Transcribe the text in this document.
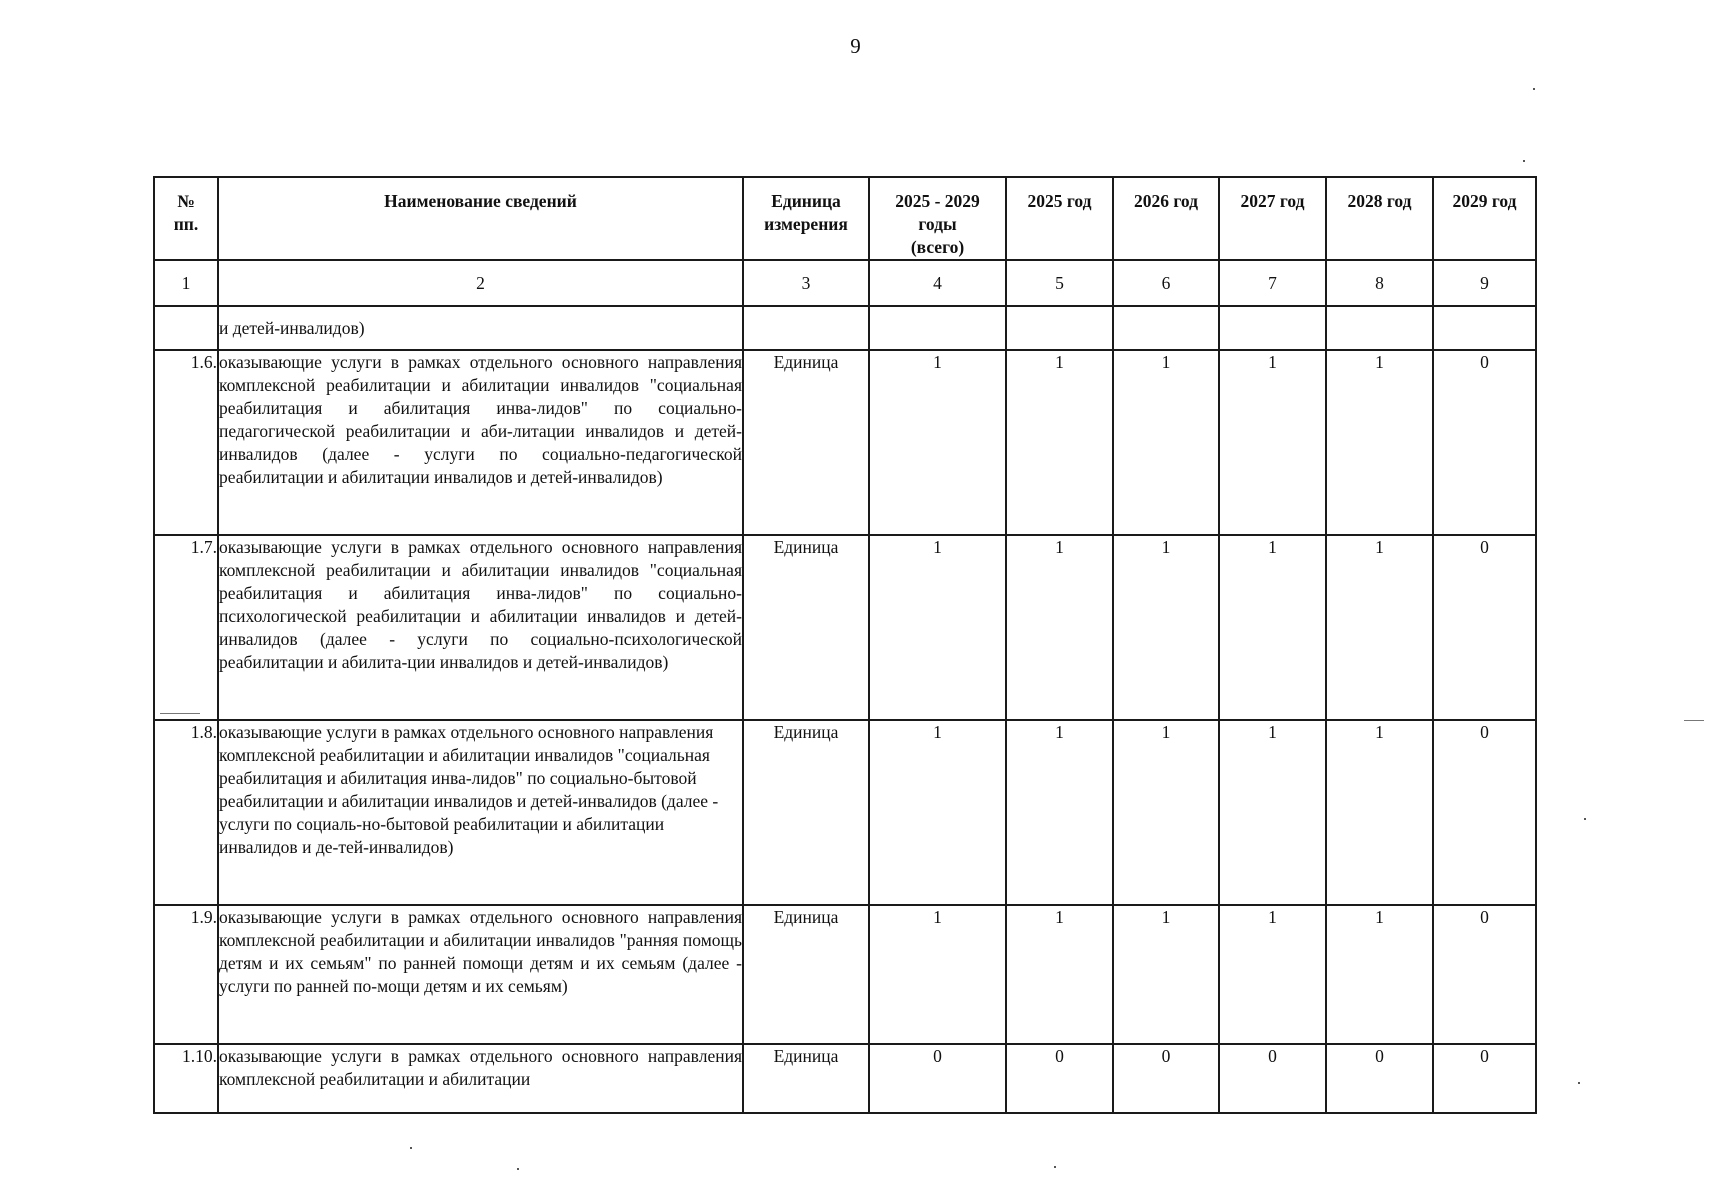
9
№ пп.	Наименование сведений	Единица измерения	2025 - 2029 годы (всего)	2025 год	2026 год	2027 год	2028 год	2029 год
1	2	3	4	5	6	7	8	9
	и детей-инвалидов)							
1.6.	оказывающие услуги в рамках отдельного основного направления комплексной реабилитации и абилитации инвалидов "социальная реабилитация и абилитация инва-лидов" по социально-педагогической реабилитации и аби-литации инвалидов и детей-инвалидов (далее - услуги по социально-педагогической реабилитации и абилитации инвалидов и детей-инвалидов)	Единица	1	1	1	1	1	0
1.7.	оказывающие услуги в рамках отдельного основного направления комплексной реабилитации и абилитации инвалидов "социальная реабилитация и абилитация инва-лидов" по социально-психологической реабилитации и абилитации инвалидов и детей-инвалидов (далее - услуги по социально-психологической реабилитации и абилита-ции инвалидов и детей-инвалидов)	Единица	1	1	1	1	1	0
1.8.	оказывающие услуги в рамках отдельного основного направления комплексной реабилитации и абилитации инвалидов "социальная реабилитация и абилитация инва-лидов" по социально-бытовой реабилитации и абилитации инвалидов и детей-инвалидов (далее - услуги по социаль-но-бытовой реабилитации и абилитации инвалидов и де-тей-инвалидов)	Единица	1	1	1	1	1	0
1.9.	оказывающие услуги в рамках отдельного основного направления комплексной реабилитации и абилитации инвалидов "ранняя помощь детям и их семьям" по ранней помощи детям и их семьям (далее - услуги по ранней по-мощи детям и их семьям)	Единица	1	1	1	1	1	0
1.10.	оказывающие услуги в рамках отдельного основного направления комплексной реабилитации и абилитации	Единица	0	0	0	0	0	0
